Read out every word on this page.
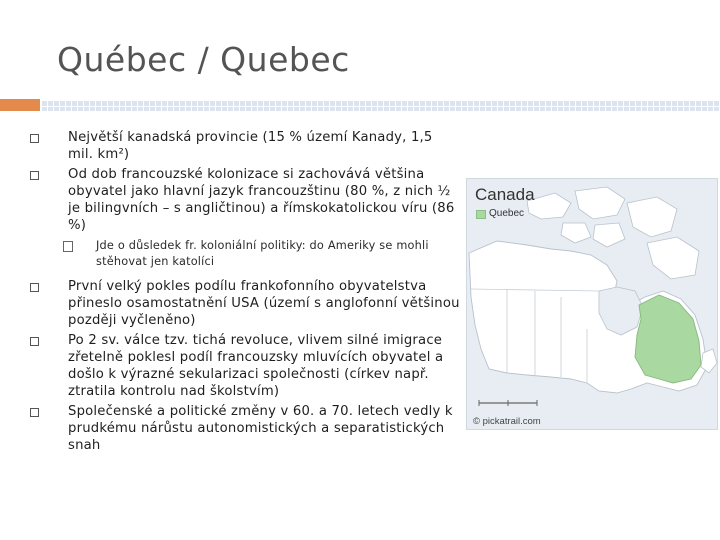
Québec / Quebec
Největší kanadská provincie (15 % území Kanady, 1,5 mil. km²)
Od dob francouzské kolonizace si zachovává většina obyvatel jako hlavní jazyk francouzštinu (80 %, z nich ½ je bilingvních – s angličtinou) a římskokatolickou víru (86 %)
Jde o důsledek fr. koloniální politiky: do Ameriky se mohli stěhovat jen katolíci
První velký pokles podílu frankofonního obyvatelstva přineslo osamostatnění USA (území s anglofonní většinou později vyčleněno)
Po 2 sv. válce tzv. tichá revoluce, vlivem silné imigrace zřetelně poklesl podíl francouzsky mluvících obyvatel a došlo k výrazné sekularizaci společnosti (církev např. ztratila kontrolu nad školstvím)
Společenské a politické změny v 60. a 70. letech vedly k prudkému nárůstu autonomistických a separatistických snah
Canada
Quebec
© pickatrail.com
